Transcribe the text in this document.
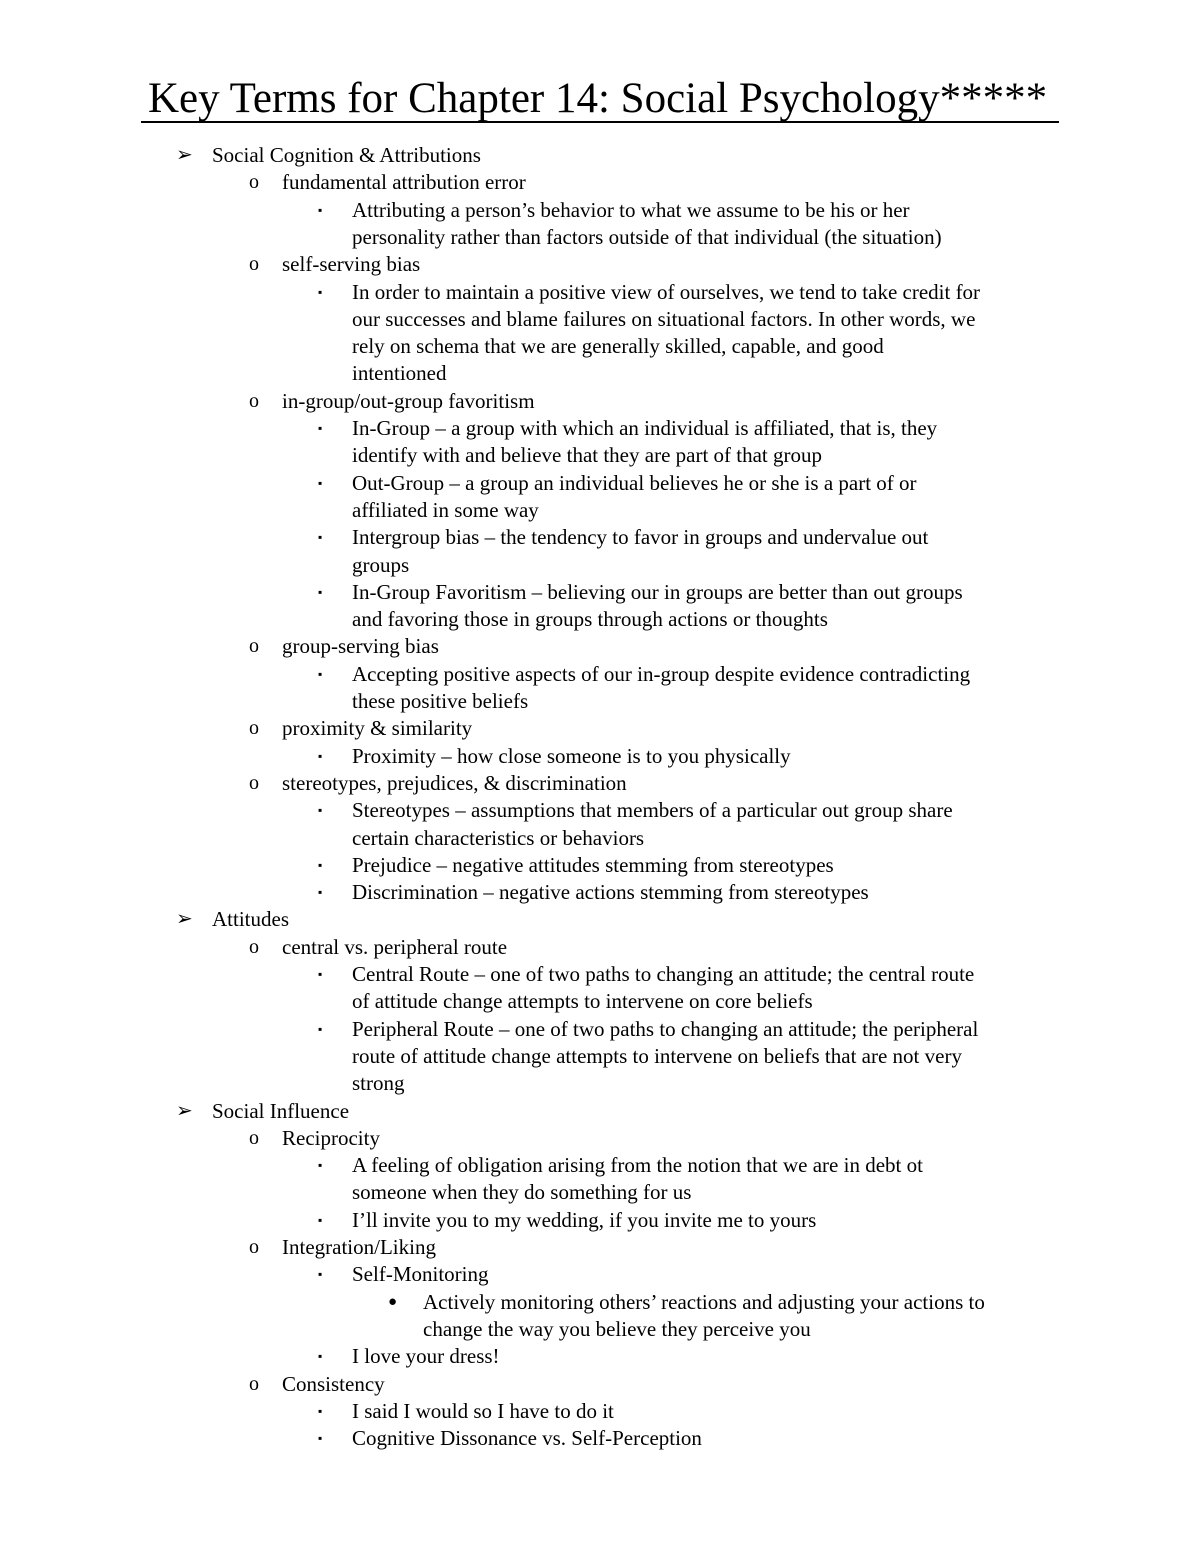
Key Terms for Chapter 14: Social Psychology*****
➢ Social Cognition & Attributions
o fundamental attribution error
▪ Attributing a person’s behavior to what we assume to be his or her
personality rather than factors outside of that individual (the situation)
o self-serving bias
▪ In order to maintain a positive view of ourselves, we tend to take credit for
our successes and blame failures on situational factors. In other words, we
rely on schema that we are generally skilled, capable, and good
intentioned
o in-group/out-group favoritism
▪ In-Group – a group with which an individual is affiliated, that is, they
identify with and believe that they are part of that group
▪ Out-Group – a group an individual believes he or she is a part of or
affiliated in some way
▪ Intergroup bias – the tendency to favor in groups and undervalue out
groups
▪ In-Group Favoritism – believing our in groups are better than out groups
and favoring those in groups through actions or thoughts
o group-serving bias
▪ Accepting positive aspects of our in-group despite evidence contradicting
these positive beliefs
o proximity & similarity
▪ Proximity – how close someone is to you physically
o stereotypes, prejudices, & discrimination
▪ Stereotypes – assumptions that members of a particular out group share
certain characteristics or behaviors
▪ Prejudice – negative attitudes stemming from stereotypes
▪ Discrimination – negative actions stemming from stereotypes
➢ Attitudes
o central vs. peripheral route
▪ Central Route – one of two paths to changing an attitude; the central route
of attitude change attempts to intervene on core beliefs
▪ Peripheral Route – one of two paths to changing an attitude; the peripheral
route of attitude change attempts to intervene on beliefs that are not very
strong
➢ Social Influence
o Reciprocity
▪ A feeling of obligation arising from the notion that we are in debt ot
someone when they do something for us
▪ I’ll invite you to my wedding, if you invite me to yours
o Integration/Liking
▪ Self-Monitoring
● Actively monitoring others’ reactions and adjusting your actions to
change the way you believe they perceive you
▪ I love your dress!
o Consistency
▪ I said I would so I have to do it
▪ Cognitive Dissonance vs. Self-Perception
